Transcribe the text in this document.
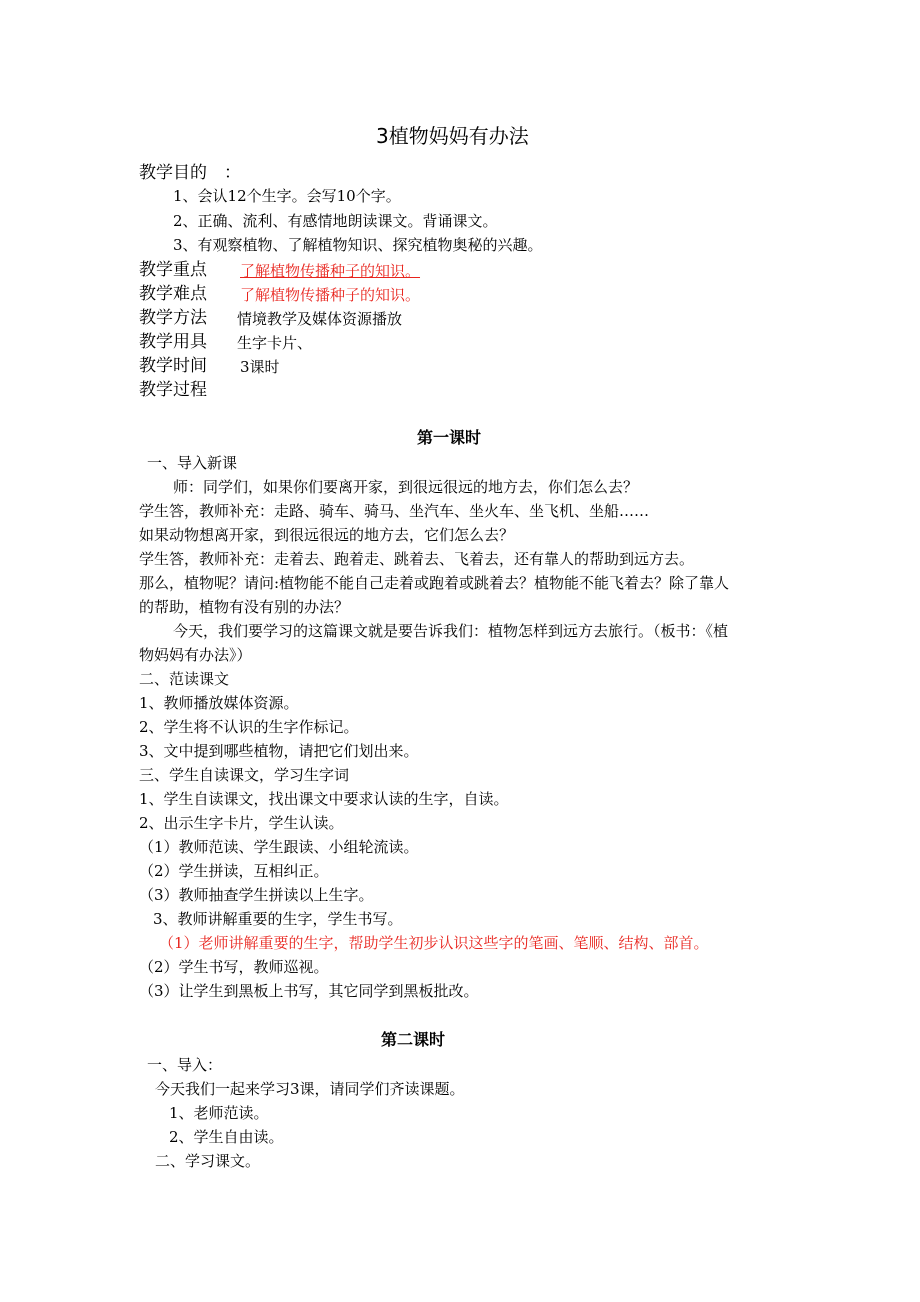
3植物妈妈有办法
教学目的　：
1、会认12个生字。会写10个字。
2、正确、流利、有感情地朗读课文。背诵课文。
3、有观察植物、了解植物知识、探究植物奥秘的兴趣。
教学重点 了解植物传播种子的知识。
教学难点 了解植物传播种子的知识。
教学方法 情境教学及媒体资源播放
教学用具 生字卡片、
教学时间 3课时
教学过程
第一课时
一、导入新课
师：同学们，如果你们要离开家，到很远很远的地方去，你们怎么去？
学生答，教师补充：走路、骑车、骑马、坐汽车、坐火车、坐飞机、坐船……
如果动物想离开家，到很远很远的地方去，它们怎么去？
学生答，教师补充：走着去、跑着走、跳着去、飞着去，还有靠人的帮助到远方去。
那么，植物呢？请问:植物能不能自己走着或跑着或跳着去？植物能不能飞着去？除了靠人
的帮助，植物有没有别的办法？
今天，我们要学习的这篇课文就是要告诉我们：植物怎样到远方去旅行。（板书：《植
物妈妈有办法》）
二、范读课文
1、教师播放媒体资源。
2、学生将不认识的生字作标记。
3、文中提到哪些植物，请把它们划出来。
三、学生自读课文，学习生字词
1、学生自读课文，找出课文中要求认读的生字，自读。
2、出示生字卡片，学生认读。
（1）教师范读、学生跟读、小组轮流读。
（2）学生拼读，互相纠正。
（3）教师抽查学生拼读以上生字。
3、教师讲解重要的生字，学生书写。
（1）老师讲解重要的生字，帮助学生初步认识这些字的笔画、笔顺、结构、部首。
（2）学生书写，教师巡视。
（3）让学生到黑板上书写，其它同学到黑板批改。
第二课时
一、导入：
今天我们一起来学习3课，请同学们齐读课题。
1、老师范读。
2、学生自由读。
二、学习课文。
